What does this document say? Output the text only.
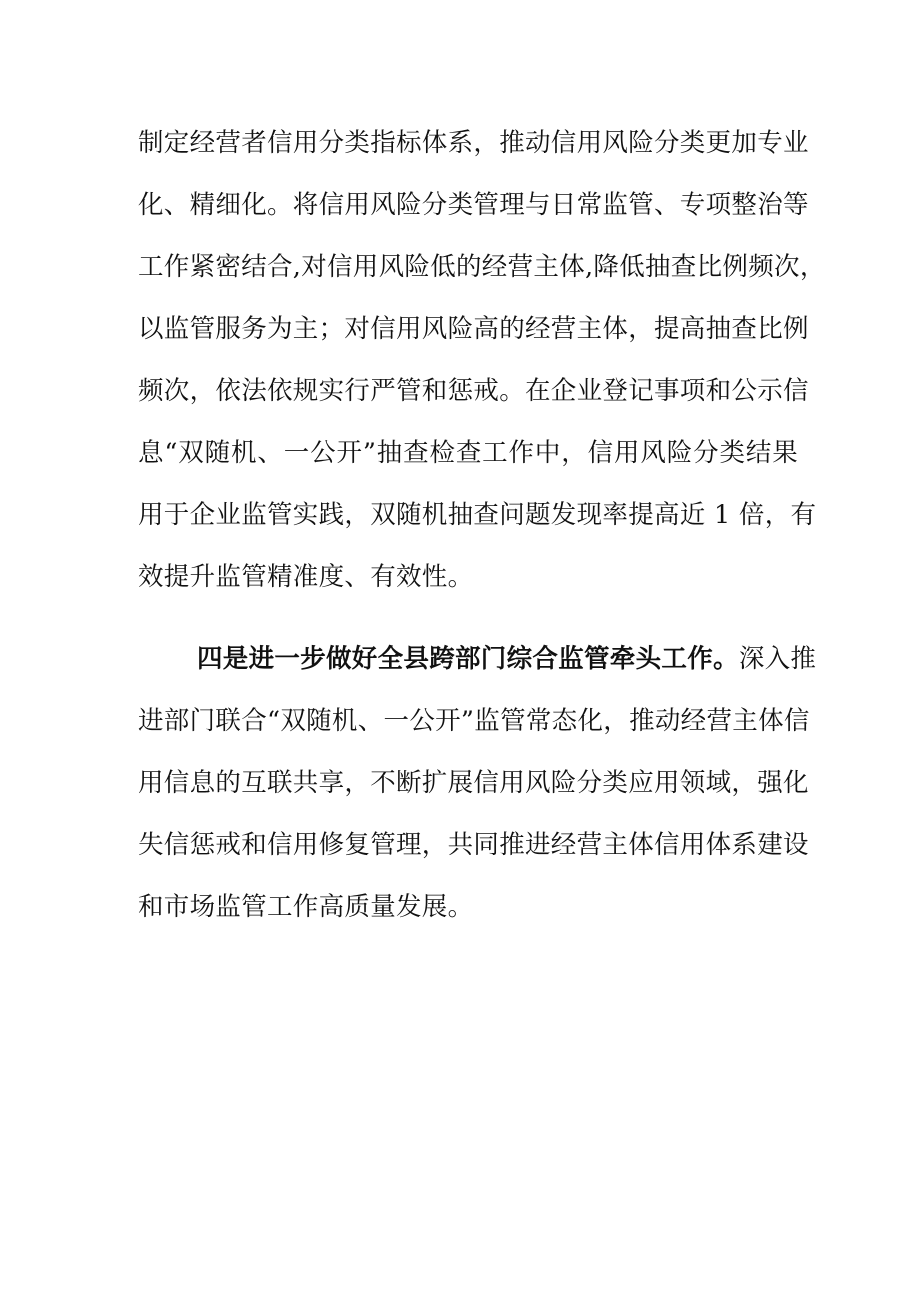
制定经营者信用分类指标体系，推动信用风险分类更加专业
化、精细化。将信用风险分类管理与日常监管、专项整治等
工作紧密结合,对信用风险低的经营主体,降低抽查比例频次，
以监管服务为主；对信用风险高的经营主体，提高抽查比例
频次，依法依规实行严管和惩戒。在企业登记事项和公示信
息“双随机、一公开”抽查检查工作中，信用风险分类结果
用于企业监管实践，双随机抽查问题发现率提高近 1 倍，有
效提升监管精准度、有效性。
四是进一步做好全县跨部门综合监管牵头工作。深入推
进部门联合“双随机、一公开”监管常态化，推动经营主体信
用信息的互联共享，不断扩展信用风险分类应用领域，强化
失信惩戒和信用修复管理，共同推进经营主体信用体系建设
和市场监管工作高质量发展。
